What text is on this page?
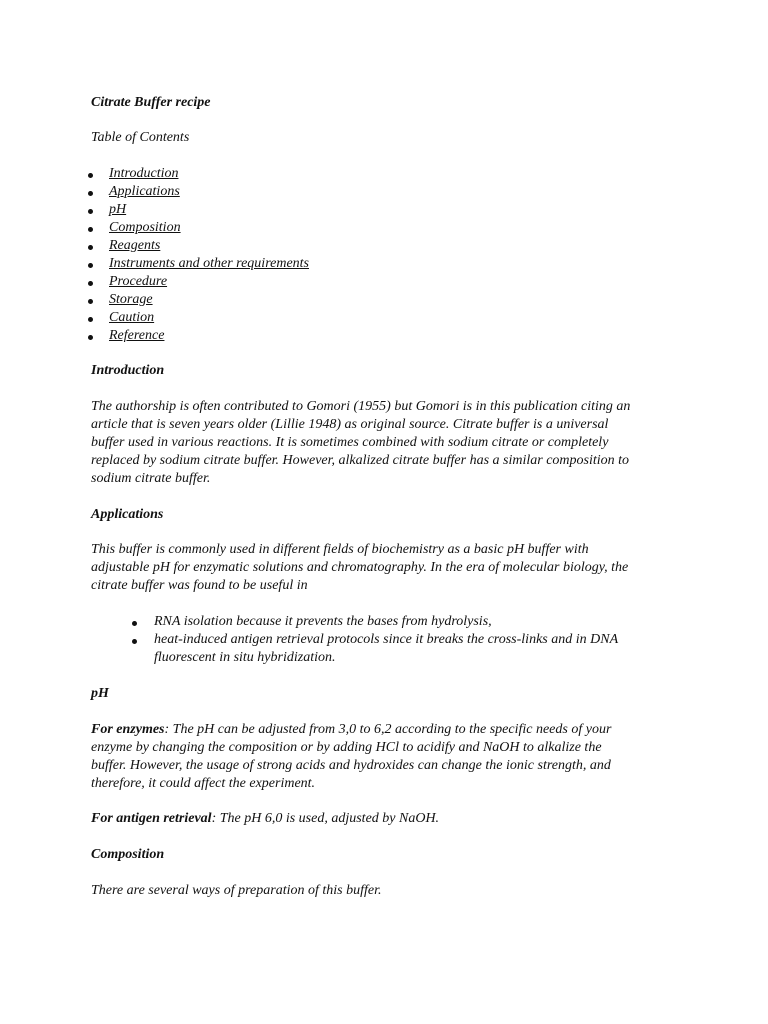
Citrate Buffer recipe
Table of Contents
Introduction
Applications
pH
Composition
Reagents
Instruments and other requirements
Procedure
Storage
Caution
Reference
Introduction
The authorship is often contributed to Gomori (1955) but Gomori is in this publication citing an
article that is seven years older (Lillie 1948) as original source. Citrate buffer is a universal
buffer used in various reactions. It is sometimes combined with sodium citrate or completely
replaced by sodium citrate buffer. However, alkalized citrate buffer has a similar composition to
sodium citrate buffer.
Applications
This buffer is commonly used in different fields of biochemistry as a basic pH buffer with
adjustable pH for enzymatic solutions and chromatography. In the era of molecular biology, the
citrate buffer was found to be useful in
RNA isolation because it prevents the bases from hydrolysis,
heat-induced antigen retrieval protocols since it breaks the cross-links and in DNA
fluorescent in situ hybridization.
pH
For enzymes: The pH can be adjusted from 3,0 to 6,2 according to the specific needs of your
enzyme by changing the composition or by adding HCl to acidify and NaOH to alkalize the
buffer. However, the usage of strong acids and hydroxides can change the ionic strength, and
therefore, it could affect the experiment.
For antigen retrieval: The pH 6,0 is used, adjusted by NaOH.
Composition
There are several ways of preparation of this buffer.
